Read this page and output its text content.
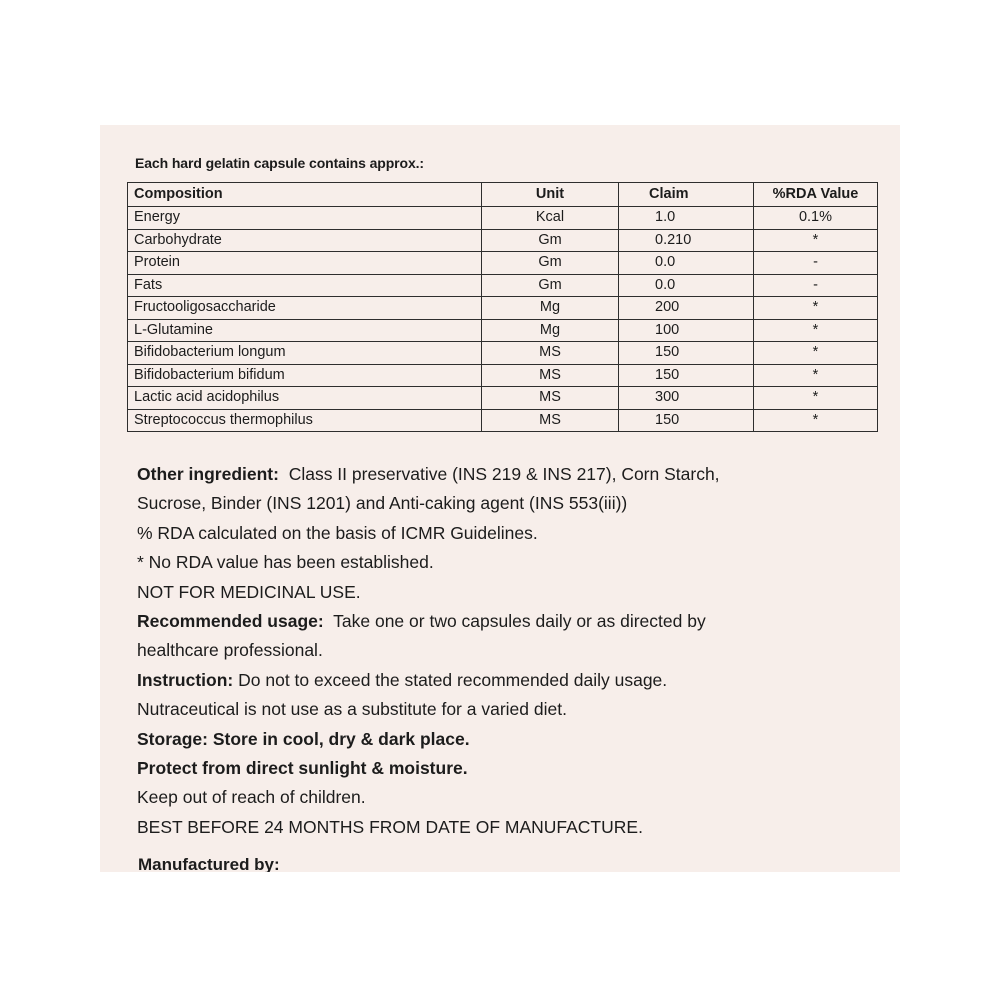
Each hard gelatin capsule contains approx.:
Composition	Unit	Claim	%RDA Value
Energy	Kcal	1.0	0.1%
Carbohydrate	Gm	0.210	*
Protein	Gm	0.0	-
Fats	Gm	0.0	-
Fructooligosaccharide	Mg	200	*
L-Glutamine	Mg	100	*
Bifidobacterium longum	MS	150	*
Bifidobacterium bifidum	MS	150	*
Lactic acid acidophilus	MS	300	*
Streptococcus thermophilus	MS	150	*

Other ingredient: Class II preservative (INS 219 & INS 217), Corn Starch,

Sucrose, Binder (INS 1201) and Anti-caking agent (INS 553(iii))

% RDA calculated on the basis of ICMR Guidelines.

* No RDA value has been established.

NOT FOR MEDICINAL USE.

Recommended usage: Take one or two capsules daily or as directed by

healthcare professional.

Instruction: Do not to exceed the stated recommended daily usage.

Nutraceutical is not use as a substitute for a varied diet.

Storage: Store in cool, dry & dark place.

Protect from direct sunlight & moisture.

Keep out of reach of children.

BEST BEFORE 24 MONTHS FROM DATE OF MANUFACTURE.

Manufactured by:
